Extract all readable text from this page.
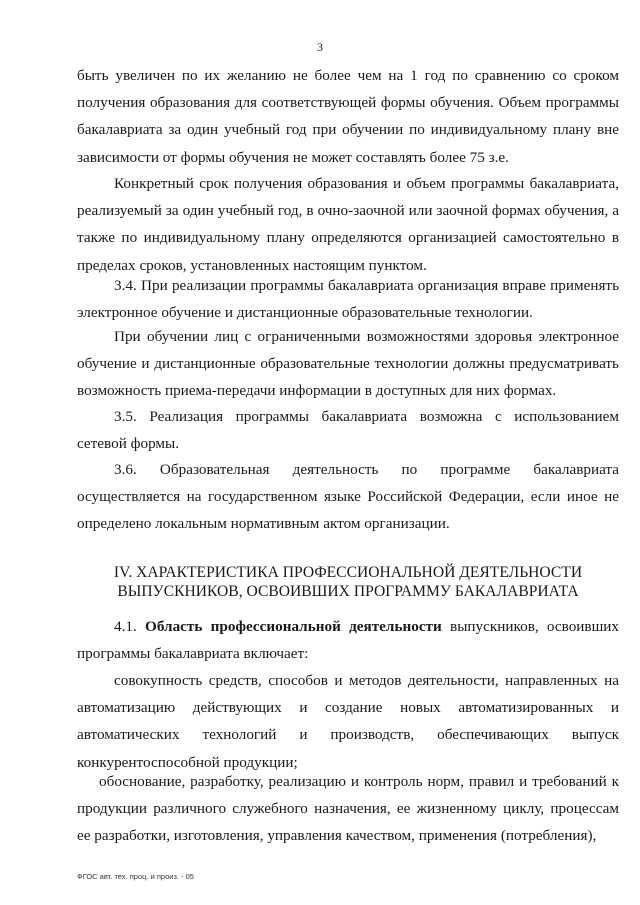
3

быть увеличен по их желанию не более чем на 1 год по сравнению со сроком получения образования для соответствующей формы обучения. Объем программы бакалавриата за один учебный год при обучении по индивидуальному плану вне зависимости от формы обучения не может составлять более 75 з.е.

Конкретный срок получения образования и объем программы бакалавриата, реализуемый за один учебный год, в очно-заочной или заочной формах обучения, а также по индивидуальному плану определяются организацией самостоятельно в пределах сроков, установленных настоящим пунктом.

3.4. При реализации программы бакалавриата организация вправе применять электронное обучение и дистанционные образовательные технологии.

При обучении лиц с ограниченными возможностями здоровья электронное обучение и дистанционные образовательные технологии должны предусматривать возможность приема-передачи информации в доступных для них формах.

3.5. Реализация программы бакалавриата возможна с использованием сетевой формы.

3.6. Образовательная деятельность по программе бакалавриата осуществляется на государственном языке Российской Федерации, если иное не определено локальным нормативным актом организации.

IV. ХАРАКТЕРИСТИКА ПРОФЕССИОНАЛЬНОЙ ДЕЯТЕЛЬНОСТИ
ВЫПУСКНИКОВ, ОСВОИВШИХ ПРОГРАММУ БАКАЛАВРИАТА

4.1. Область профессиональной деятельности выпускников, освоивших программы бакалавриата включает:

совокупность средств, способов и методов деятельности, направленных на автоматизацию действующих и создание новых автоматизированных и автоматических технологий и производств, обеспечивающих выпуск конкурентоспособной продукции;

обоснование, разработку, реализацию и контроль норм, правил и требований к продукции различного служебного назначения, ее жизненному циклу, процессам ее разработки, изготовления, управления качеством, применения (потребления),

ФГОС авт. тех. проц. и произ. - 05
